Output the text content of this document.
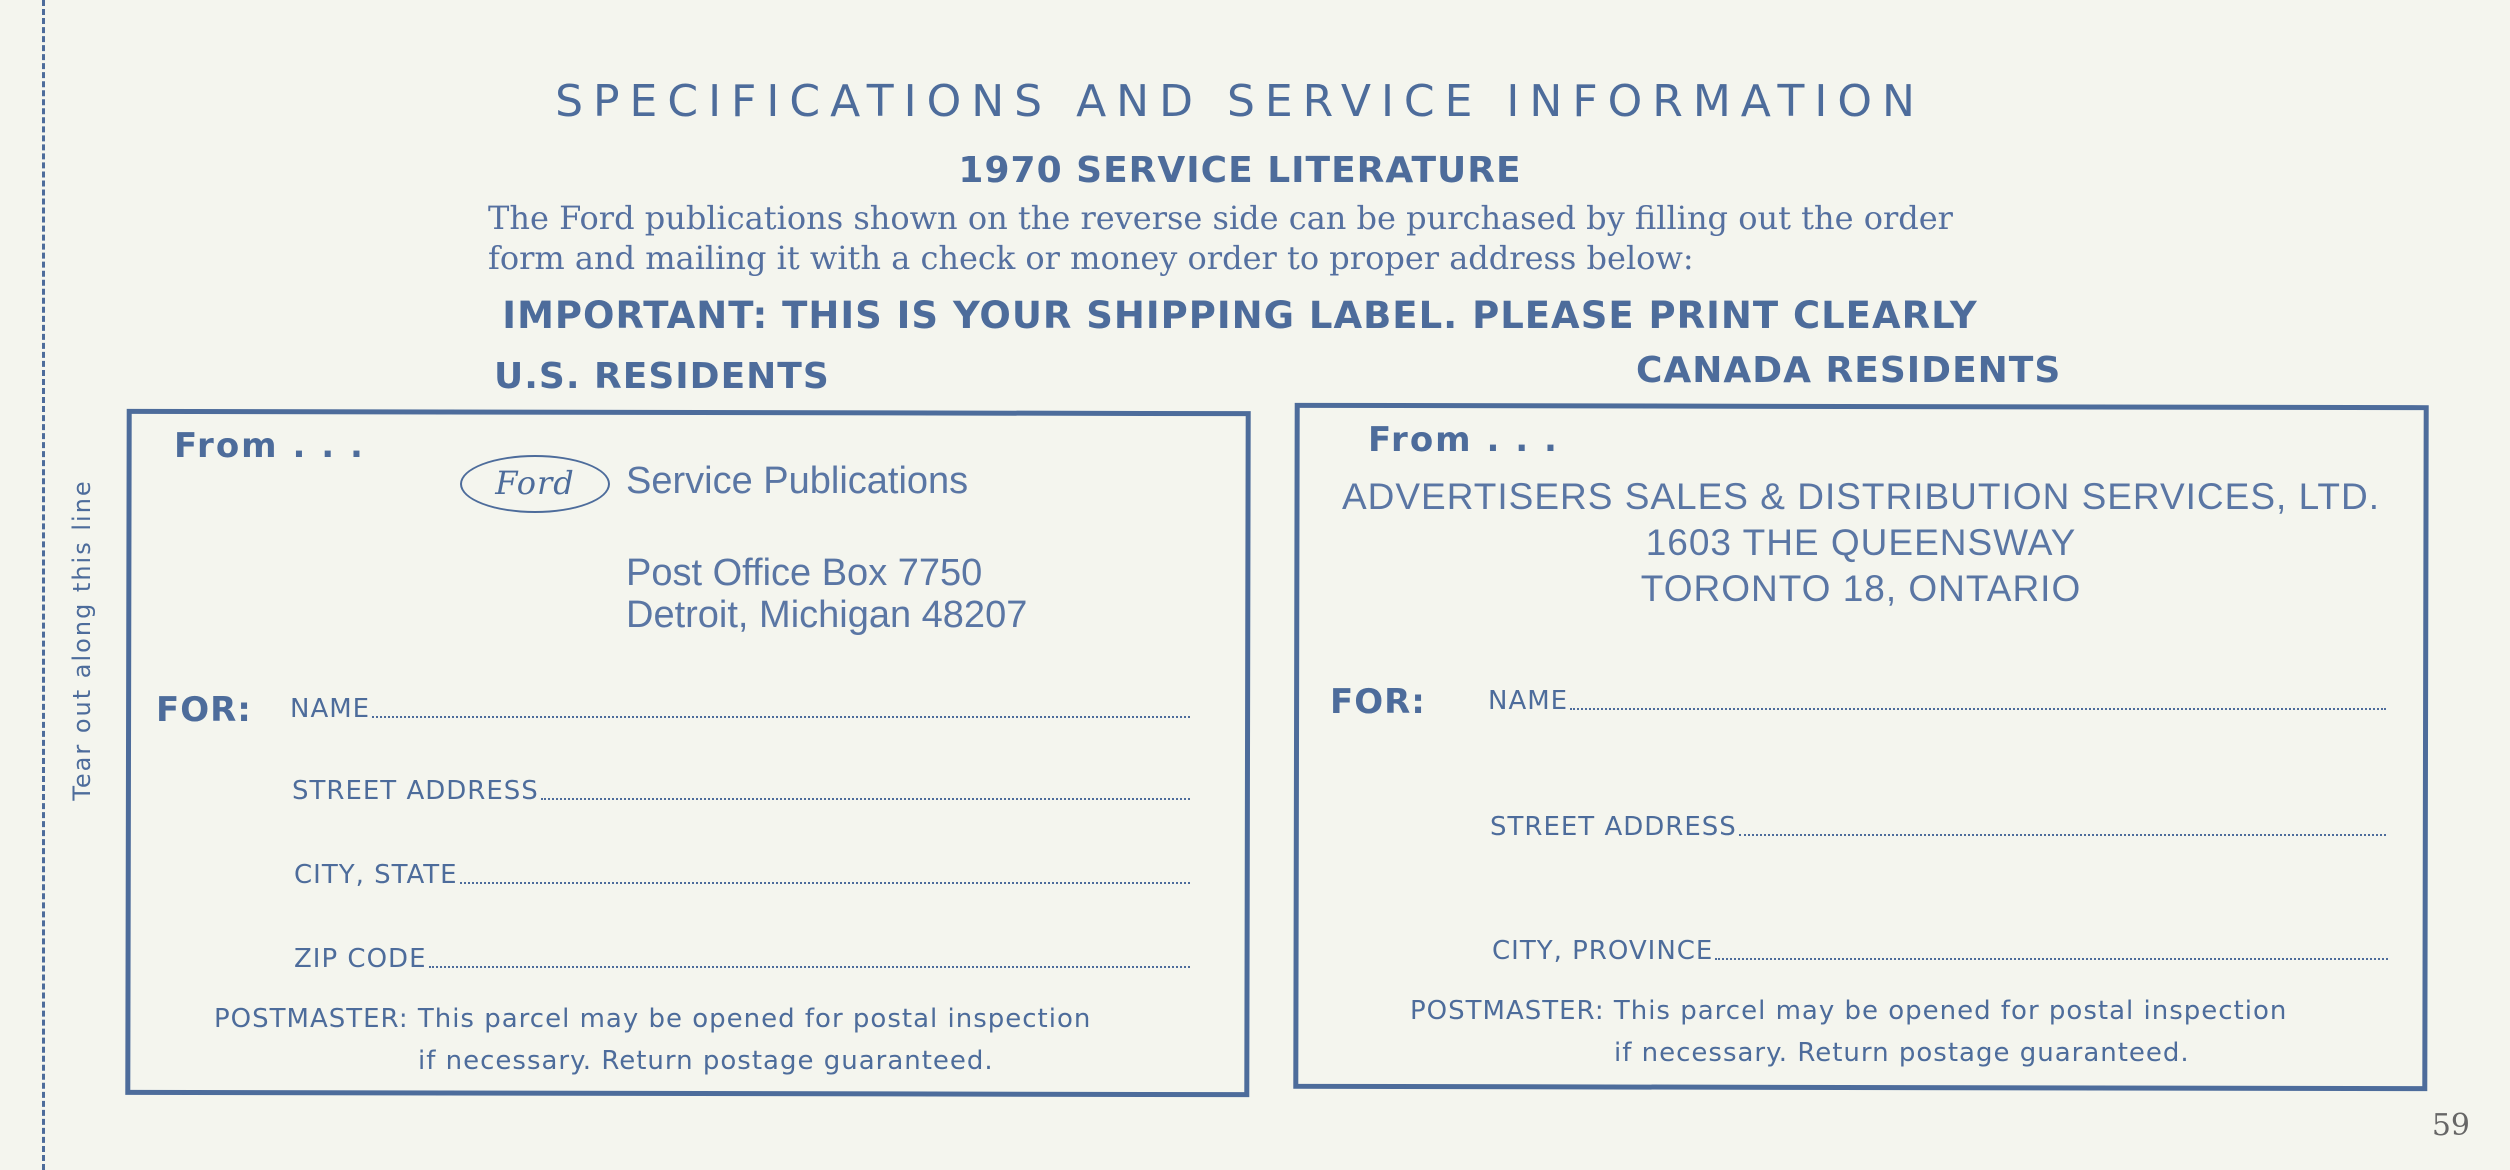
Tear out along this line
SPECIFICATIONS AND SERVICE INFORMATION
1970 SERVICE LITERATURE
The Ford publications shown on the reverse side can be purchased by filling out the order
form and mailing it with a check or money order to proper address below:
IMPORTANT: THIS IS YOUR SHIPPING LABEL. PLEASE PRINT CLEARLY
U.S. RESIDENTS	CANADA RESIDENTS
From . . .
Ford	Service Publications
Post Office Box 7750
Detroit, Michigan 48207
FOR: NAME
STREET ADDRESS
CITY, STATE
ZIP CODE
POSTMASTER: This parcel may be opened for postal inspection
if necessary. Return postage guaranteed.
From . . .
ADVERTISERS SALES & DISTRIBUTION SERVICES, LTD.
1603 THE QUEENSWAY
TORONTO 18, ONTARIO
FOR: NAME
STREET ADDRESS
CITY, PROVINCE
POSTMASTER: This parcel may be opened for postal inspection
if necessary. Return postage guaranteed.
59
